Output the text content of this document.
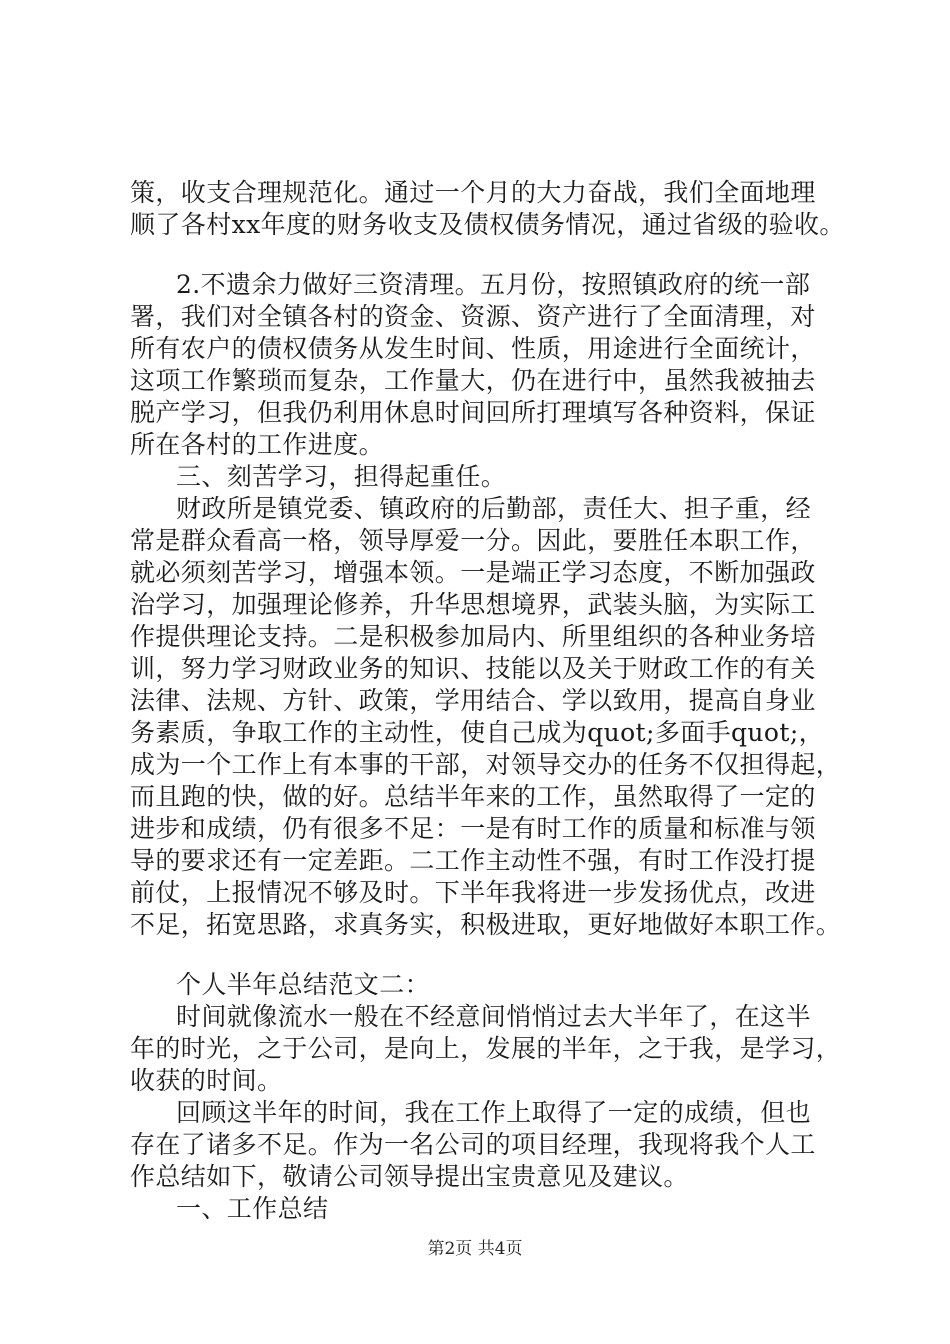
策，收支合理规范化。通过一个月的大力奋战，我们全面地理
顺了各村xx年度的财务收支及债权债务情况，通过省级的验收。
2.不遗余力做好三资清理。五月份，按照镇政府的统一部
署，我们对全镇各村的资金、资源、资产进行了全面清理，对
所有农户的债权债务从发生时间、性质，用途进行全面统计，
这项工作繁琐而复杂，工作量大，仍在进行中，虽然我被抽去
脱产学习，但我仍利用休息时间回所打理填写各种资料，保证
所在各村的工作进度。
三、刻苦学习，担得起重任。
财政所是镇党委、镇政府的后勤部，责任大、担子重，经
常是群众看高一格，领导厚爱一分。因此，要胜任本职工作，
就必须刻苦学习，增强本领。一是端正学习态度，不断加强政
治学习，加强理论修养，升华思想境界，武装头脑，为实际工
作提供理论支持。二是积极参加局内、所里组织的各种业务培
训，努力学习财政业务的知识、技能以及关于财政工作的有关
法律、法规、方针、政策，学用结合、学以致用，提高自身业
务素质，争取工作的主动性，使自己成为quot;多面手quot;，
成为一个工作上有本事的干部，对领导交办的任务不仅担得起，
而且跑的快，做的好。总结半年来的工作，虽然取得了一定的
进步和成绩，仍有很多不足：一是有时工作的质量和标准与领
导的要求还有一定差距。二工作主动性不强，有时工作没打提
前仗，上报情况不够及时。下半年我将进一步发扬优点，改进
不足，拓宽思路，求真务实，积极进取，更好地做好本职工作。
个人半年总结范文二：
时间就像流水一般在不经意间悄悄过去大半年了，在这半
年的时光，之于公司，是向上，发展的半年，之于我，是学习，
收获的时间。
回顾这半年的时间，我在工作上取得了一定的成绩，但也
存在了诸多不足。作为一名公司的项目经理，我现将我个人工
作总结如下，敬请公司领导提出宝贵意见及建议。
一、工作总结
第2页 共4页
